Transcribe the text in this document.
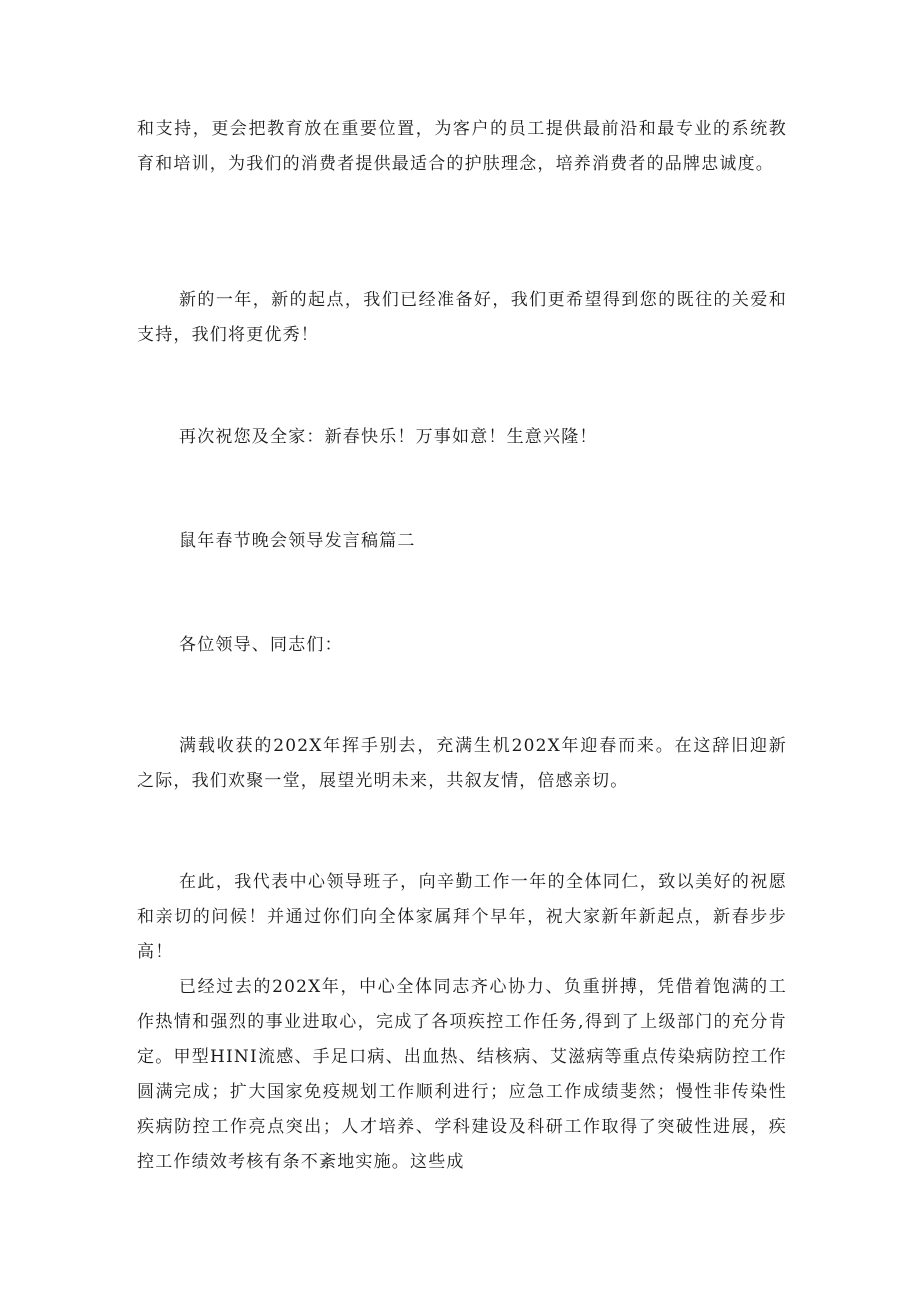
和支持，更会把教育放在重要位置，为客户的员工提供最前沿和最专业的系统教育和培训，为我们的消费者提供最适合的护肤理念，培养消费者的品牌忠诚度。

新的一年，新的起点，我们已经准备好，我们更希望得到您的既往的关爱和支持，我们将更优秀！

再次祝您及全家：新春快乐！万事如意！生意兴隆！

鼠年春节晚会领导发言稿篇二

各位领导、同志们：

满载收获的202X年挥手别去，充满生机202X年迎春而来。在这辞旧迎新之际，我们欢聚一堂，展望光明未来，共叙友情，倍感亲切。

在此，我代表中心领导班子，向辛勤工作一年的全体同仁，致以美好的祝愿和亲切的问候！并通过你们向全体家属拜个早年，祝大家新年新起点，新春步步高！

已经过去的202X年，中心全体同志齐心协力、负重拼搏，凭借着饱满的工作热情和强烈的事业进取心，完成了各项疾控工作任务,得到了上级部门的充分肯定。甲型HINI流感、手足口病、出血热、结核病、艾滋病等重点传染病防控工作圆满完成；扩大国家免疫规划工作顺利进行；应急工作成绩斐然；慢性非传染性疾病防控工作亮点突出；人才培养、学科建设及科研工作取得了突破性进展，疾控工作绩效考核有条不紊地实施。这些成
